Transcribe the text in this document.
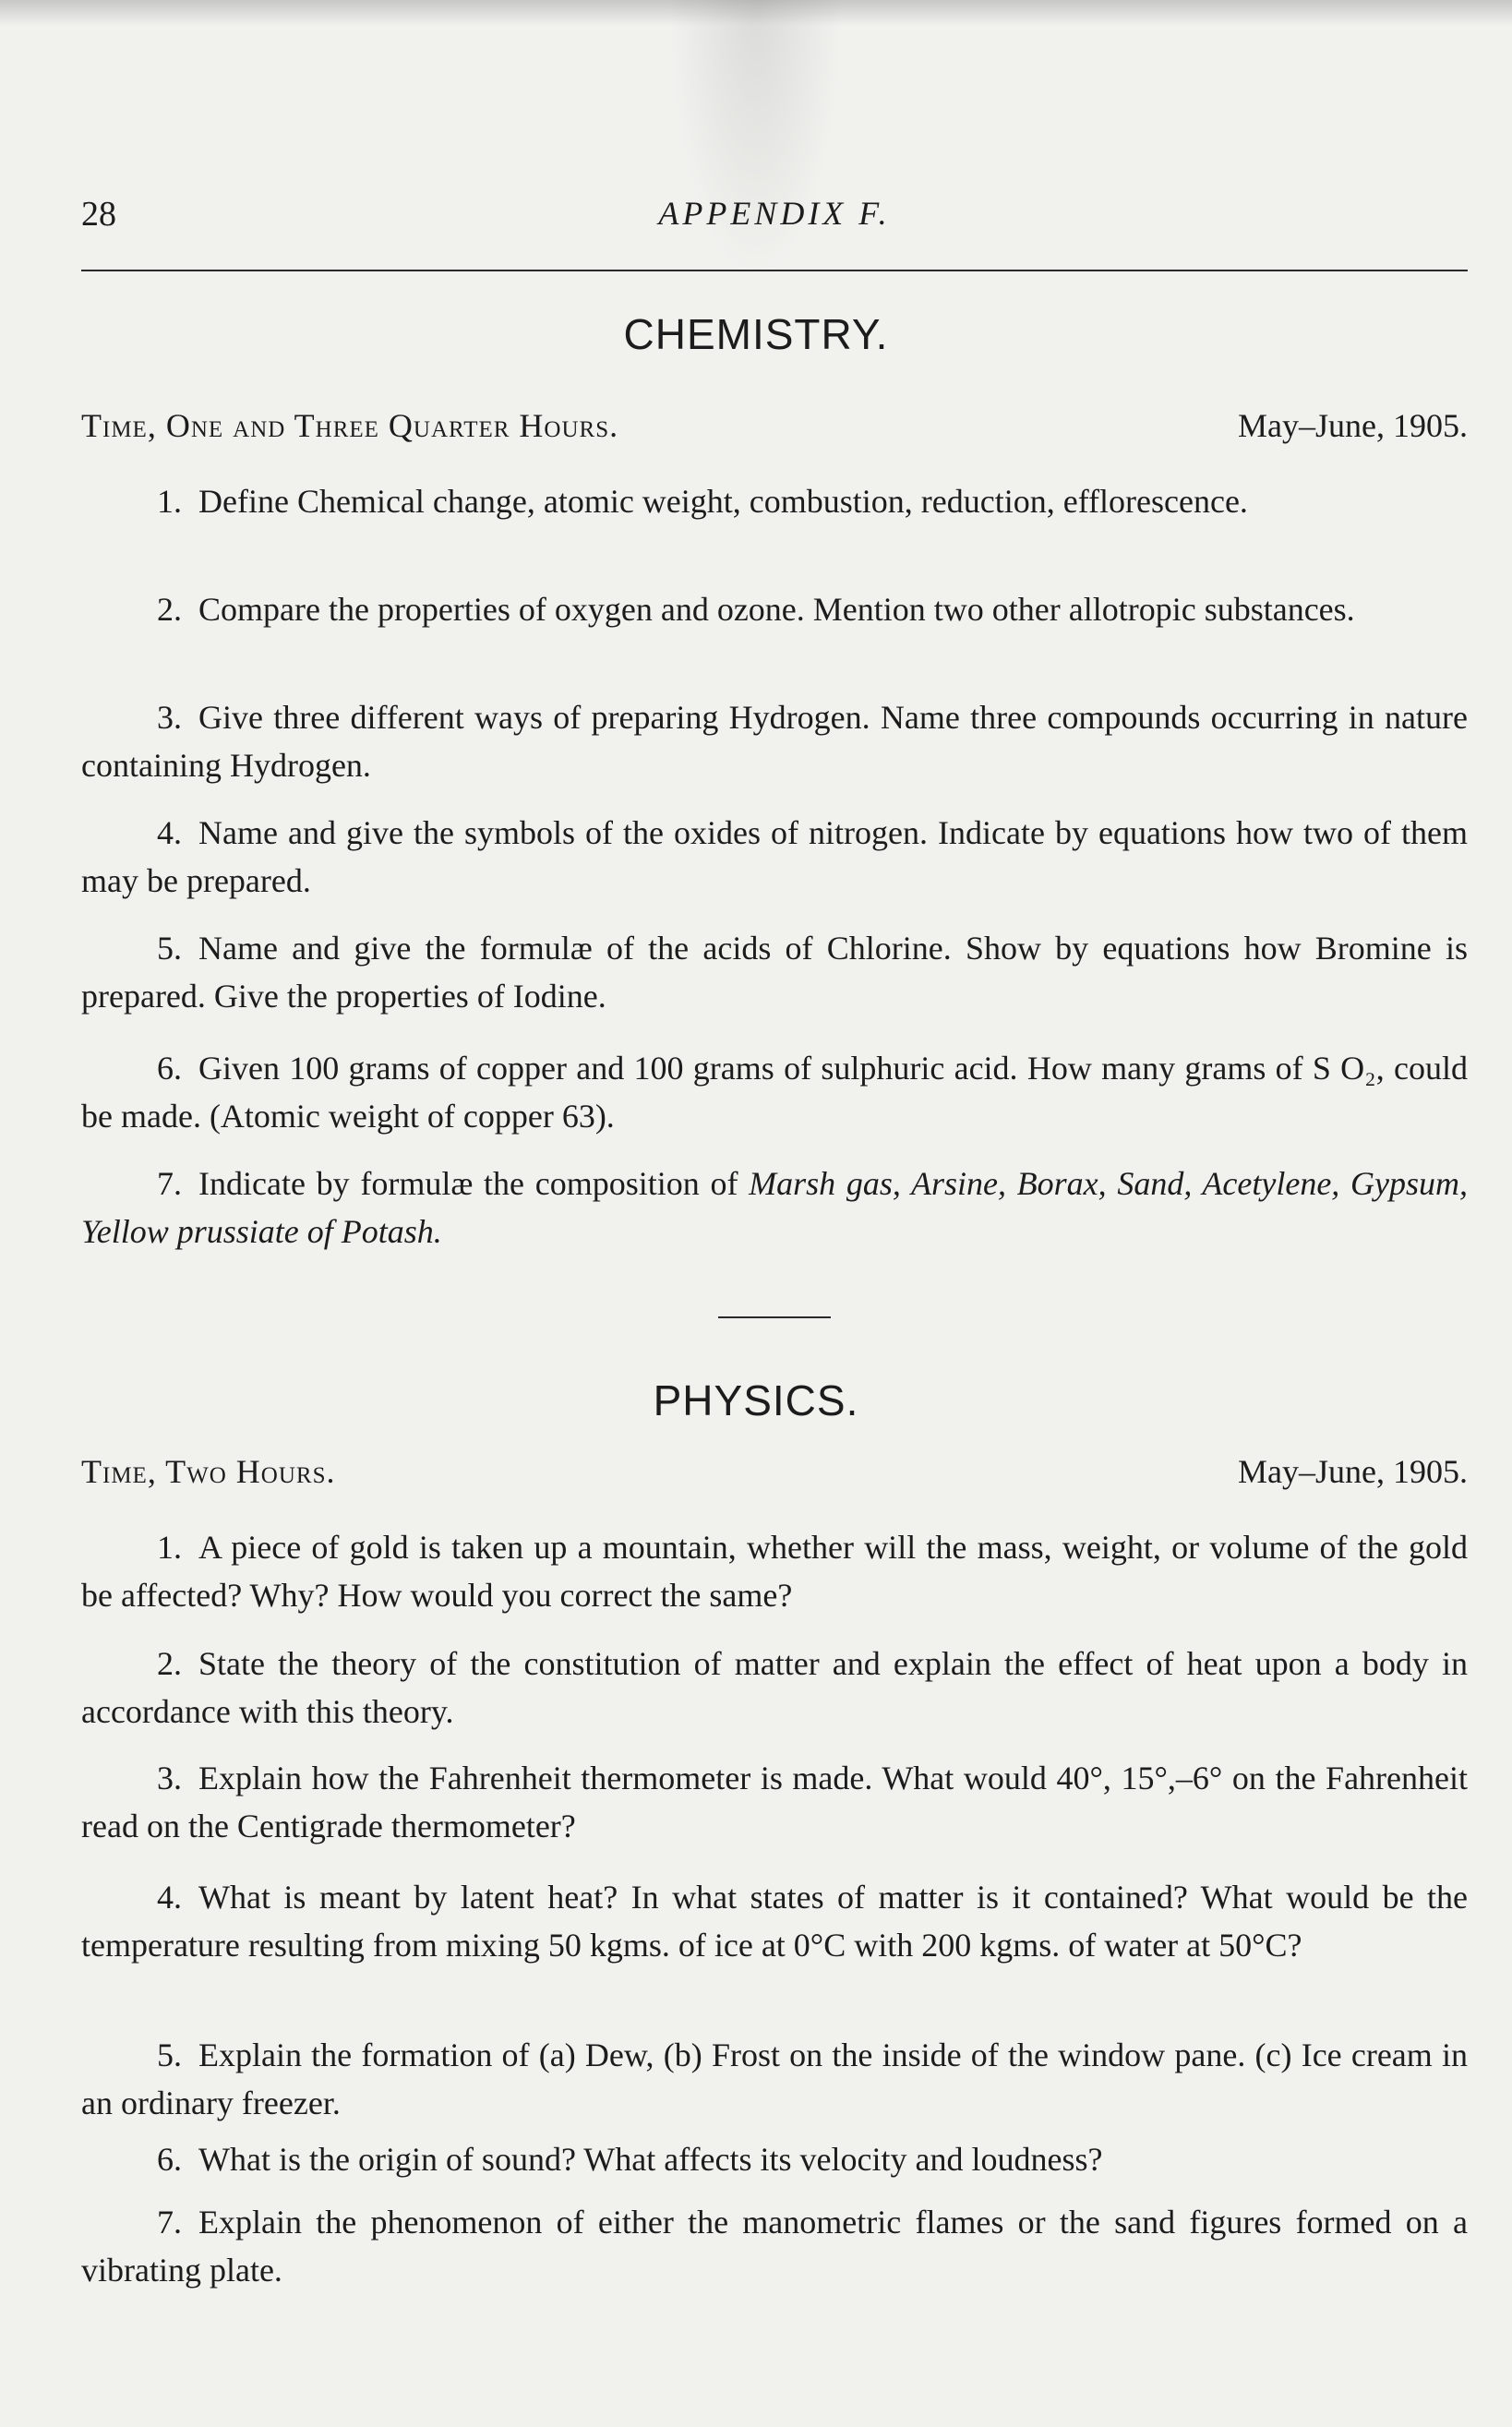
28	APPENDIX F.
CHEMISTRY.
Time, One and Three Quarter Hours.	May–June, 1905.

1. Define Chemical change, atomic weight, combustion, reduction, efflorescence.

2. Compare the properties of oxygen and ozone. Mention two other allotropic substances.

3. Give three different ways of preparing Hydrogen. Name three compounds occurring in nature containing Hydrogen.

4. Name and give the symbols of the oxides of nitrogen. Indicate by equations how two of them may be prepared.

5. Name and give the formulæ of the acids of Chlorine. Show by equations how Bromine is prepared. Give the properties of Iodine.

6. Given 100 grams of copper and 100 grams of sulphuric acid. How many grams of S O₂, could be made. (Atomic weight of copper 63).

7. Indicate by formulæ the composition of Marsh gas, Arsine, Borax, Sand, Acetylene, Gypsum, Yellow prussiate of Potash.

PHYSICS.
Time, Two Hours.	May–June, 1905.

1. A piece of gold is taken up a mountain, whether will the mass, weight, or volume of the gold be affected? Why? How would you correct the same?

2. State the theory of the constitution of matter and explain the effect of heat upon a body in accordance with this theory.

3. Explain how the Fahrenheit thermometer is made. What would 40°, 15°,–6° on the Fahrenheit read on the Centigrade thermometer?

4. What is meant by latent heat? In what states of matter is it contained? What would be the temperature resulting from mixing 50 kgms. of ice at 0°C with 200 kgms. of water at 50°C?

5. Explain the formation of (a) Dew, (b) Frost on the inside of the window pane. (c) Ice cream in an ordinary freezer.

6. What is the origin of sound? What affects its velocity and loudness?

7. Explain the phenomenon of either the manometric flames or the sand figures formed on a vibrating plate.
